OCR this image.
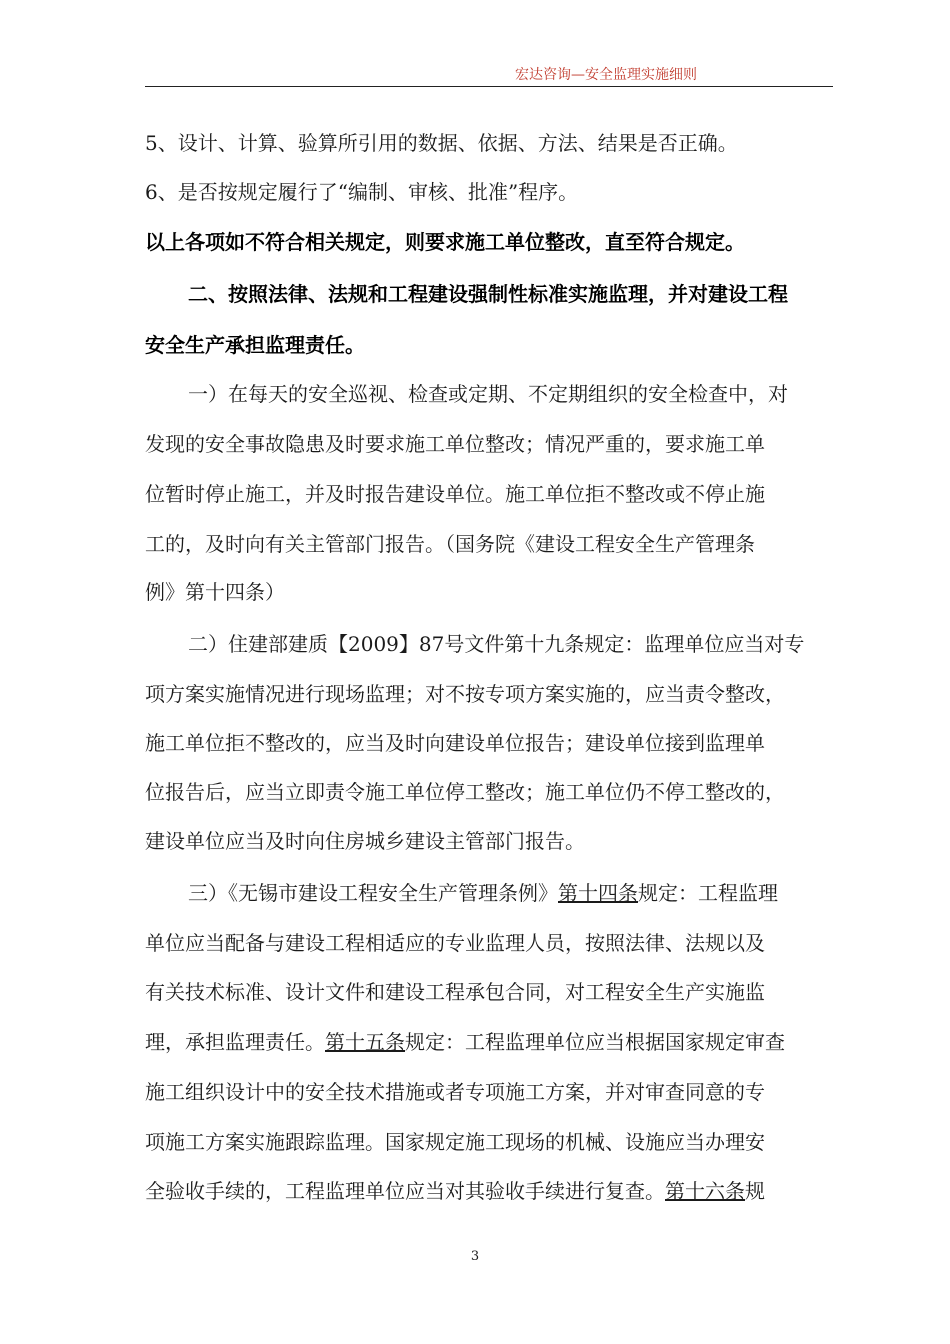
宏达咨询—安全监理实施细则
5、设计、计算、验算所引用的数据、依据、方法、结果是否正确。
6、是否按规定履行了“编制、审核、批准”程序。
以上各项如不符合相关规定，则要求施工单位整改，直至符合规定。
二、按照法律、法规和工程建设强制性标准实施监理，并对建设工程
安全生产承担监理责任。
一）在每天的安全巡视、检查或定期、不定期组织的安全检查中，对
发现的安全事故隐患及时要求施工单位整改；情况严重的，要求施工单
位暂时停止施工，并及时报告建设单位。施工单位拒不整改或不停止施
工的，及时向有关主管部门报告。（国务院《建设工程安全生产管理条
例》第十四条）
二）住建部建质【2009】87号文件第十九条规定：监理单位应当对专
项方案实施情况进行现场监理；对不按专项方案实施的，应当责令整改，
施工单位拒不整改的，应当及时向建设单位报告；建设单位接到监理单
位报告后，应当立即责令施工单位停工整改；施工单位仍不停工整改的，
建设单位应当及时向住房城乡建设主管部门报告。
三）《无锡市建设工程安全生产管理条例》第十四条规定：工程监理
单位应当配备与建设工程相适应的专业监理人员，按照法律、法规以及
有关技术标准、设计文件和建设工程承包合同，对工程安全生产实施监
理，承担监理责任。第十五条规定：工程监理单位应当根据国家规定审查
施工组织设计中的安全技术措施或者专项施工方案，并对审查同意的专
项施工方案实施跟踪监理。国家规定施工现场的机械、设施应当办理安
全验收手续的，工程监理单位应当对其验收手续进行复查。第十六条规
3
